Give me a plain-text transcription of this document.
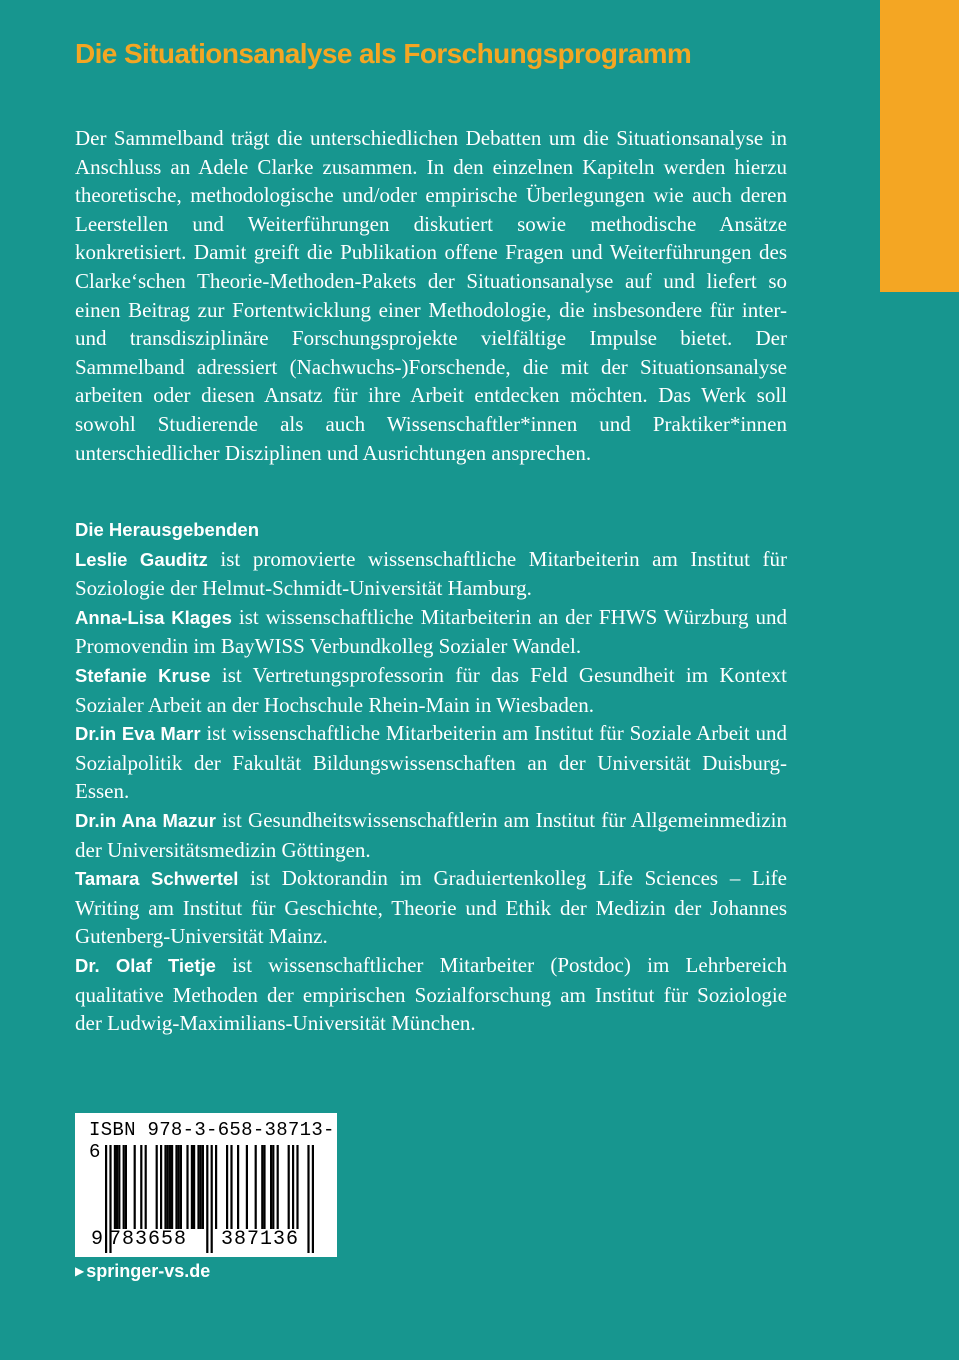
Die Situationsanalyse als Forschungsprogramm

Der Sammelband trägt die unterschiedlichen Debatten um die Situationsanalyse in Anschluss an Adele Clarke zusammen. In den einzelnen Kapiteln werden hierzu theoretische, methodologische und/oder empirische Überlegungen wie auch deren Leerstellen und Weiterführungen diskutiert sowie methodische Ansätze konkretisiert. Damit greift die Publikation offene Fragen und Weiterführungen des Clarke‘schen Theorie-Methoden-Pakets der Situationsanalyse auf und liefert so einen Beitrag zur Fortentwicklung einer Methodologie, die insbesondere für inter- und transdisziplinäre Forschungsprojekte vielfältige Impulse bietet. Der Sammelband adressiert (Nachwuchs-)Forschende, die mit der Situationsanalyse arbeiten oder diesen Ansatz für ihre Arbeit entdecken möchten. Das Werk soll sowohl Studierende als auch Wissenschaftler*innen und Praktiker*innen unterschiedlicher Disziplinen und Ausrichtungen ansprechen.

Die Herausgebenden

Leslie Gauditz ist promovierte wissenschaftliche Mitarbeiterin am Institut für Soziologie der Helmut-Schmidt-Universität Hamburg.

Anna-Lisa Klages ist wissenschaftliche Mitarbeiterin an der FHWS Würzburg und Promovendin im BayWISS Verbundkolleg Sozialer Wandel.

Stefanie Kruse ist Vertretungsprofessorin für das Feld Gesundheit im Kontext Sozialer Arbeit an der Hochschule Rhein-Main in Wiesbaden.

Dr.in Eva Marr ist wissenschaftliche Mitarbeiterin am Institut für Soziale Arbeit und Sozialpolitik der Fakultät Bildungswissenschaften an der Universität Duisburg-Essen.

Dr.in Ana Mazur ist Gesundheitswissenschaftlerin am Institut für Allgemeinmedizin der Universitätsmedizin Göttingen.

Tamara Schwertel ist Doktorandin im Graduiertenkolleg Life Sciences – Life Writing am Institut für Geschichte, Theorie und Ethik der Medizin der Johannes Gutenberg-Universität Mainz.

Dr. Olaf Tietje ist wissenschaftlicher Mitarbeiter (Postdoc) im Lehrbereich qualitative Methoden der empirischen Sozialforschung am Institut für Soziologie der Ludwig-Maximilians-Universität München.

ISBN 978-3-658-38713-6
9 783658 387136
▶ springer-vs.de
